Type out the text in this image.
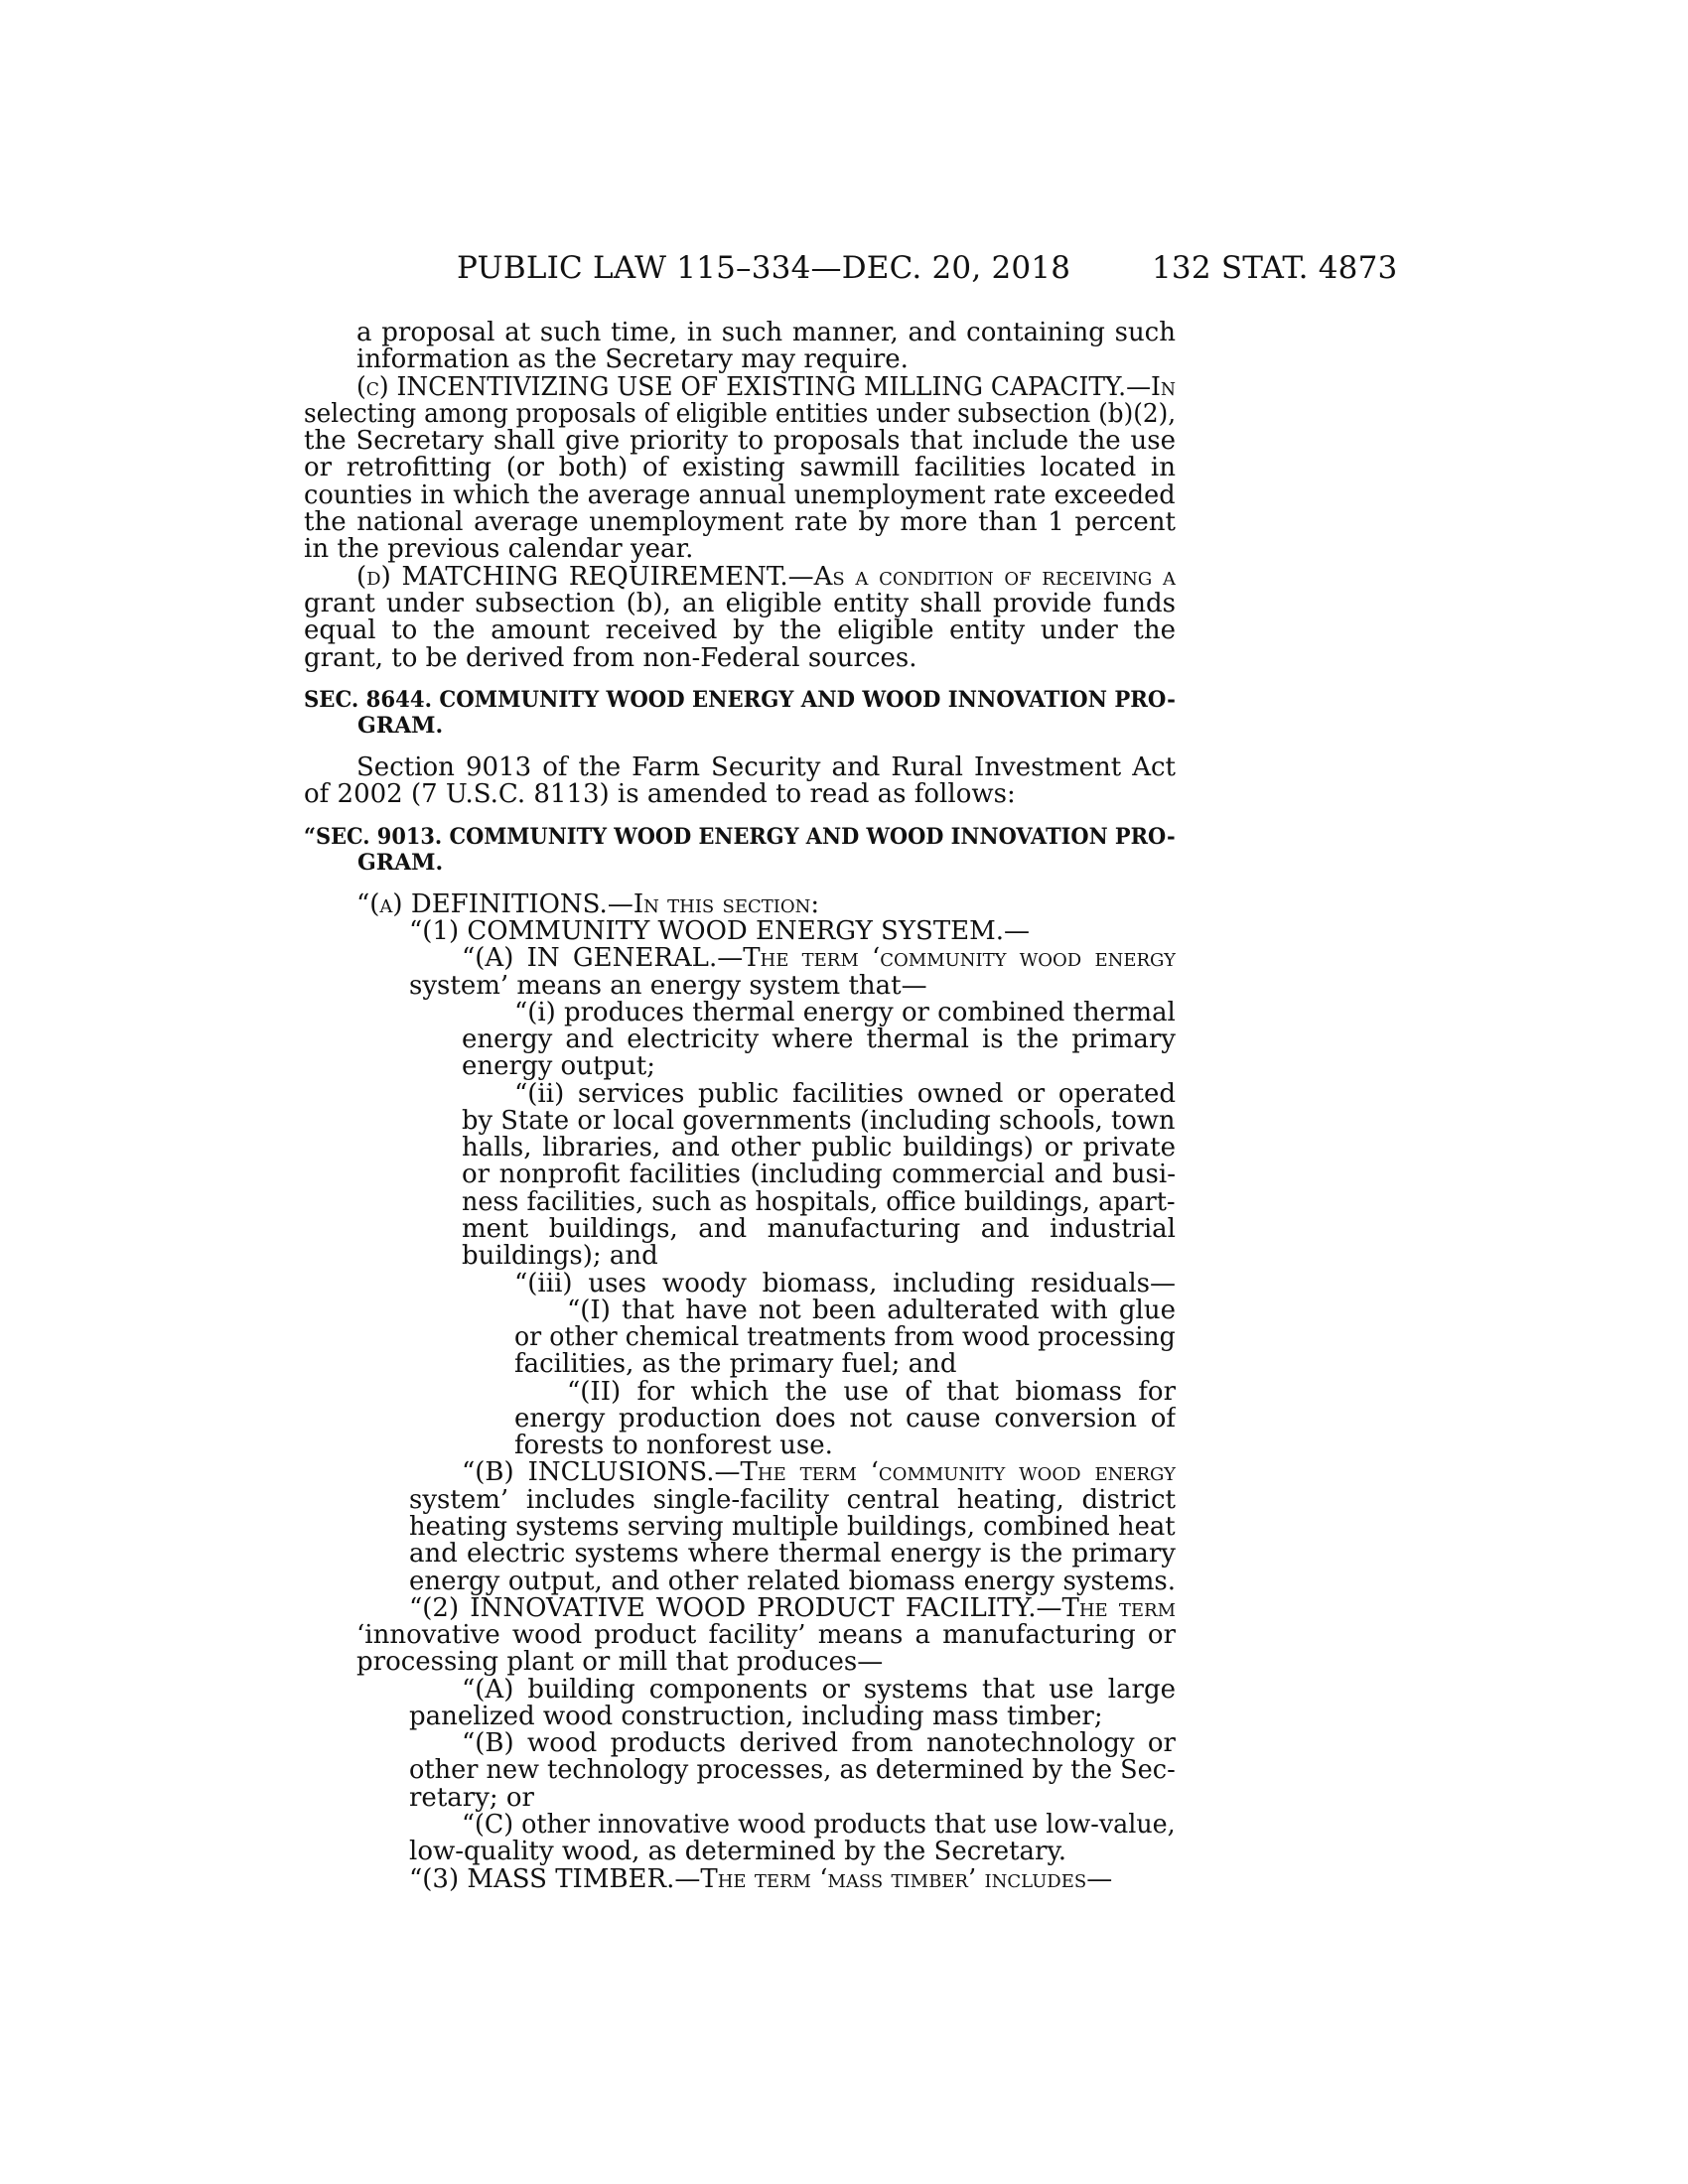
PUBLIC LAW 115–334—DEC. 20, 2018	132 STAT. 4873
a proposal at such time, in such manner, and containing such
information as the Secretary may require.
(c) INCENTIVIZING USE OF EXISTING MILLING CAPACITY.—In
selecting among proposals of eligible entities under subsection (b)(2),
the Secretary shall give priority to proposals that include the use
or retrofitting (or both) of existing sawmill facilities located in
counties in which the average annual unemployment rate exceeded
the national average unemployment rate by more than 1 percent
in the previous calendar year.
(d) MATCHING REQUIREMENT.—As a condition of receiving a
grant under subsection (b), an eligible entity shall provide funds
equal to the amount received by the eligible entity under the
grant, to be derived from non-Federal sources.
SEC. 8644. COMMUNITY WOOD ENERGY AND WOOD INNOVATION PRO-
GRAM.
Section 9013 of the Farm Security and Rural Investment Act
of 2002 (7 U.S.C. 8113) is amended to read as follows:
“SEC. 9013. COMMUNITY WOOD ENERGY AND WOOD INNOVATION PRO-
GRAM.
“(a) DEFINITIONS.—In this section:
“(1) COMMUNITY WOOD ENERGY SYSTEM.—
“(A) IN GENERAL.—The term ‘community wood energy
system’ means an energy system that—
“(i) produces thermal energy or combined thermal
energy and electricity where thermal is the primary
energy output;
“(ii) services public facilities owned or operated
by State or local governments (including schools, town
halls, libraries, and other public buildings) or private
or nonprofit facilities (including commercial and busi-
ness facilities, such as hospitals, office buildings, apart-
ment buildings, and manufacturing and industrial
buildings); and
“(iii) uses woody biomass, including residuals—
“(I) that have not been adulterated with glue
or other chemical treatments from wood processing
facilities, as the primary fuel; and
“(II) for which the use of that biomass for
energy production does not cause conversion of
forests to nonforest use.
“(B) INCLUSIONS.—The term ‘community wood energy
system’ includes single-facility central heating, district
heating systems serving multiple buildings, combined heat
and electric systems where thermal energy is the primary
energy output, and other related biomass energy systems.
“(2) INNOVATIVE WOOD PRODUCT FACILITY.—The term
‘innovative wood product facility’ means a manufacturing or
processing plant or mill that produces—
“(A) building components or systems that use large
panelized wood construction, including mass timber;
“(B) wood products derived from nanotechnology or
other new technology processes, as determined by the Sec-
retary; or
“(C) other innovative wood products that use low-value,
low-quality wood, as determined by the Secretary.
“(3) MASS TIMBER.—The term ‘mass timber’ includes—
